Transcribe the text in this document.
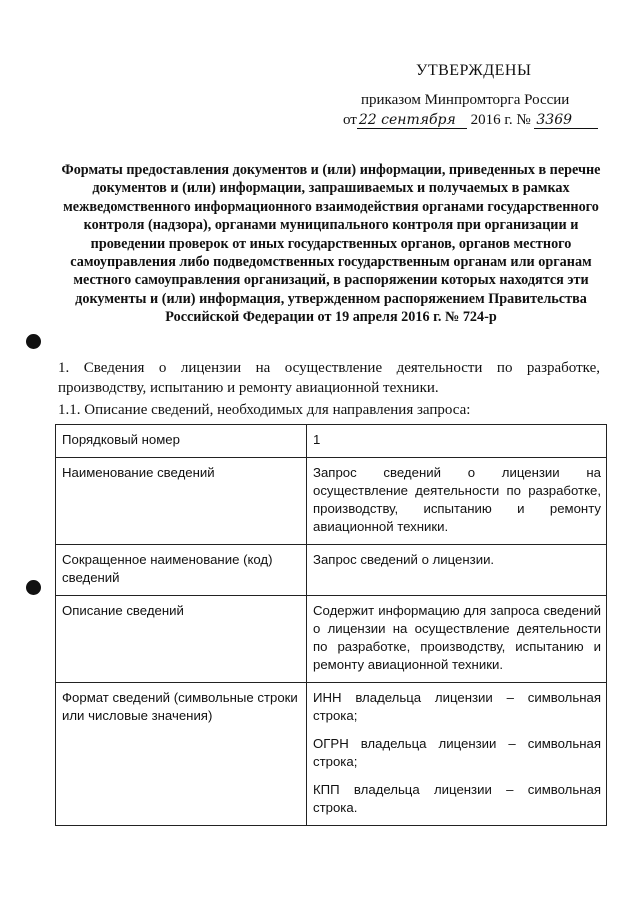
УТВЕРЖДЕНЫ
приказом Минпромторга России
от 22 сентября 2016 г. № 3369
Форматы предоставления документов и (или) информации, приведенных в перечне документов и (или) информации, запрашиваемых и получаемых в рамках межведомственного информационного взаимодействия органами государственного контроля (надзора), органами муниципального контроля при организации и проведении проверок от иных государственных органов, органов местного самоуправления либо подведомственных государственным органам или органам местного самоуправления организаций, в распоряжении которых находятся эти документы и (или) информация, утвержденном распоряжением Правительства Российской Федерации от 19 апреля 2016 г. № 724-р
1. Сведения о лицензии на осуществление деятельности по разработке, производству, испытанию и ремонту авиационной техники.
1.1. Описание сведений, необходимых для направления запроса:
Порядковый номер	1
Наименование сведений	Запрос сведений о лицензии на осуществление деятельности по разработке, производству, испытанию и ремонту авиационной техники.
Сокращенное наименование (код) сведений	Запрос сведений о лицензии.
Описание сведений	Содержит информацию для запроса сведений о лицензии на осуществление деятельности по разработке, производству, испытанию и ремонту авиационной техники.
Формат сведений (символьные строки или числовые значения)	ИНН владельца лицензии – символьная строка;
ОГРН владельца лицензии – символьная строка;
КПП владельца лицензии – символьная строка.
